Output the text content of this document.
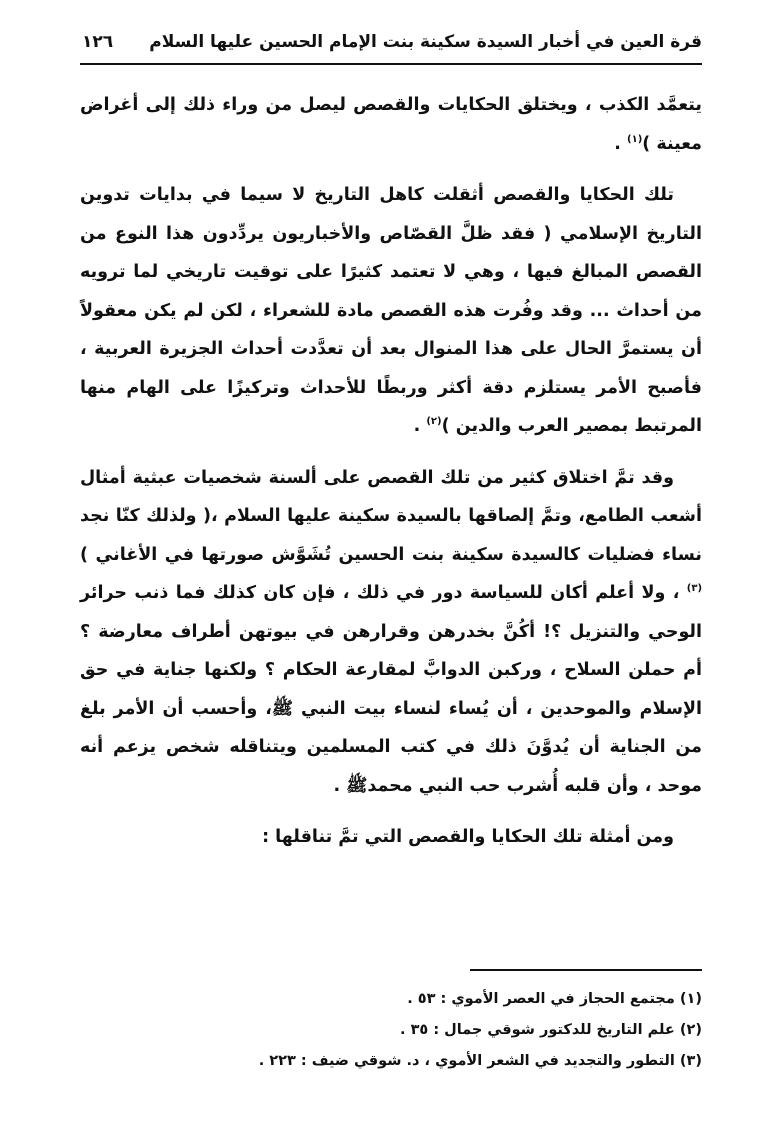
قرة العين في أخبار السيدة سكينة بنت الإمام الحسين عليها السلام
١٢٦

يتعمَّد الكذب ، ويختلق الحكايات والقصص ليصل من وراء ذلك إلى أغراض معينة )$^{(١)}$ .

تلك الحكايا والقصص أثقلت كاهل التاريخ لا سيما في بدايات تدوين التاريخ الإسلامي ( فقد ظلَّ القصّاص والأخباريون يردِّدون هذا النوع من القصص المبالغ فيها ، وهي لا تعتمد كثيرًا على توقيت تاريخي لما ترويه من أحداث ... وقد وفُرت هذه القصص مادة للشعراء ، لكن لم يكن معقولاً أن يستمرَّ الحال على هذا المنوال بعد أن تعدَّدت أحداث الجزيرة العربية ، فأصبح الأمر يستلزم دقة أكثر وربطًا للأحداث وتركيزًا على الهام منها المرتبط بمصير العرب والدين )$^{(٢)}$ .

وقد تمَّ اختلاق كثير من تلك القصص على ألسنة شخصيات عبثية أمثال أشعب الطامع، وتمَّ إلصاقها بالسيدة سكينة عليها السلام ،( ولذلك كنّا نجد نساء فضليات كالسيدة سكينة بنت الحسين تُشَوَّش صورتها في الأغاني )$^{(٣)}$ ، ولا أعلم أكان للسياسة دور في ذلك ، فإن كان كذلك فما ذنب حرائر الوحي والتنزيل ؟! أكُنَّ بخدرهن وقرارهن في بيوتهن أطراف معارضة ؟ أم حملن السلاح ، وركبن الدوابَّ لمقارعة الحكام ؟ ولكنها جناية في حق الإسلام والموحدين ، أن يُساء لنساء بيت النبي ﷺ، وأحسب أن الأمر بلغ من الجناية أن يُدوَّنَ ذلك في كتب المسلمين ويتناقله شخص يزعم أنه موحد ، وأن قلبه أُشرب حب النبي محمدﷺ .

ومن أمثلة تلك الحكايا والقصص التي تمَّ تناقلها :

(١) مجتمع الحجاز في العصر الأموي : ٥٣ .
(٢) علم التاريخ للدكتور شوقي جمال : ٣٥ .
(٣) التطور والتجديد في الشعر الأموي ، د. شوقي ضيف : ٢٢٣ .
